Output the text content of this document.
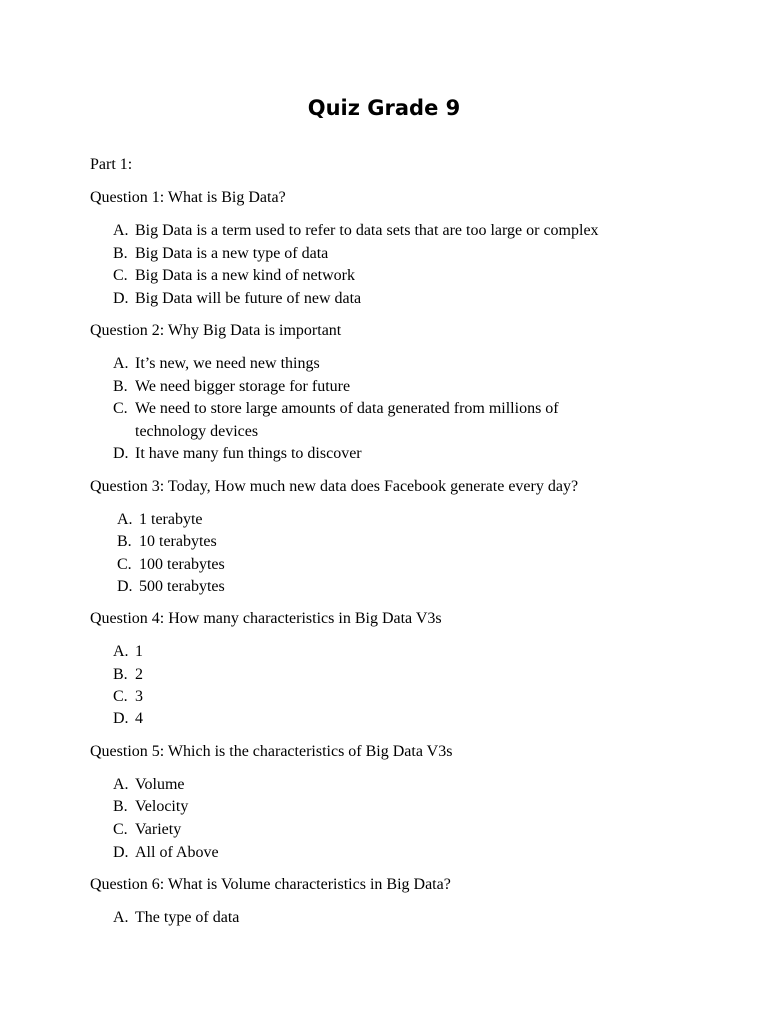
Quiz Grade 9
Part 1:
Question 1: What is Big Data?
A. Big Data is a term used to refer to data sets that are too large or complex
B. Big Data is a new type of data
C. Big Data is a new kind of network
D. Big Data will be future of new data
Question 2: Why Big Data is important
A. It’s new, we need new things
B. We need bigger storage for future
C. We need to store large amounts of data generated from millions of
technology devices
D. It have many fun things to discover
Question 3: Today, How much new data does Facebook generate every day?
A. 1 terabyte
B. 10 terabytes
C. 100 terabytes
D. 500 terabytes
Question 4: How many characteristics in Big Data V3s
A. 1
B. 2
C. 3
D. 4
Question 5: Which is the characteristics of Big Data V3s
A. Volume
B. Velocity
C. Variety
D. All of Above
Question 6: What is Volume characteristics in Big Data?
A. The type of data
